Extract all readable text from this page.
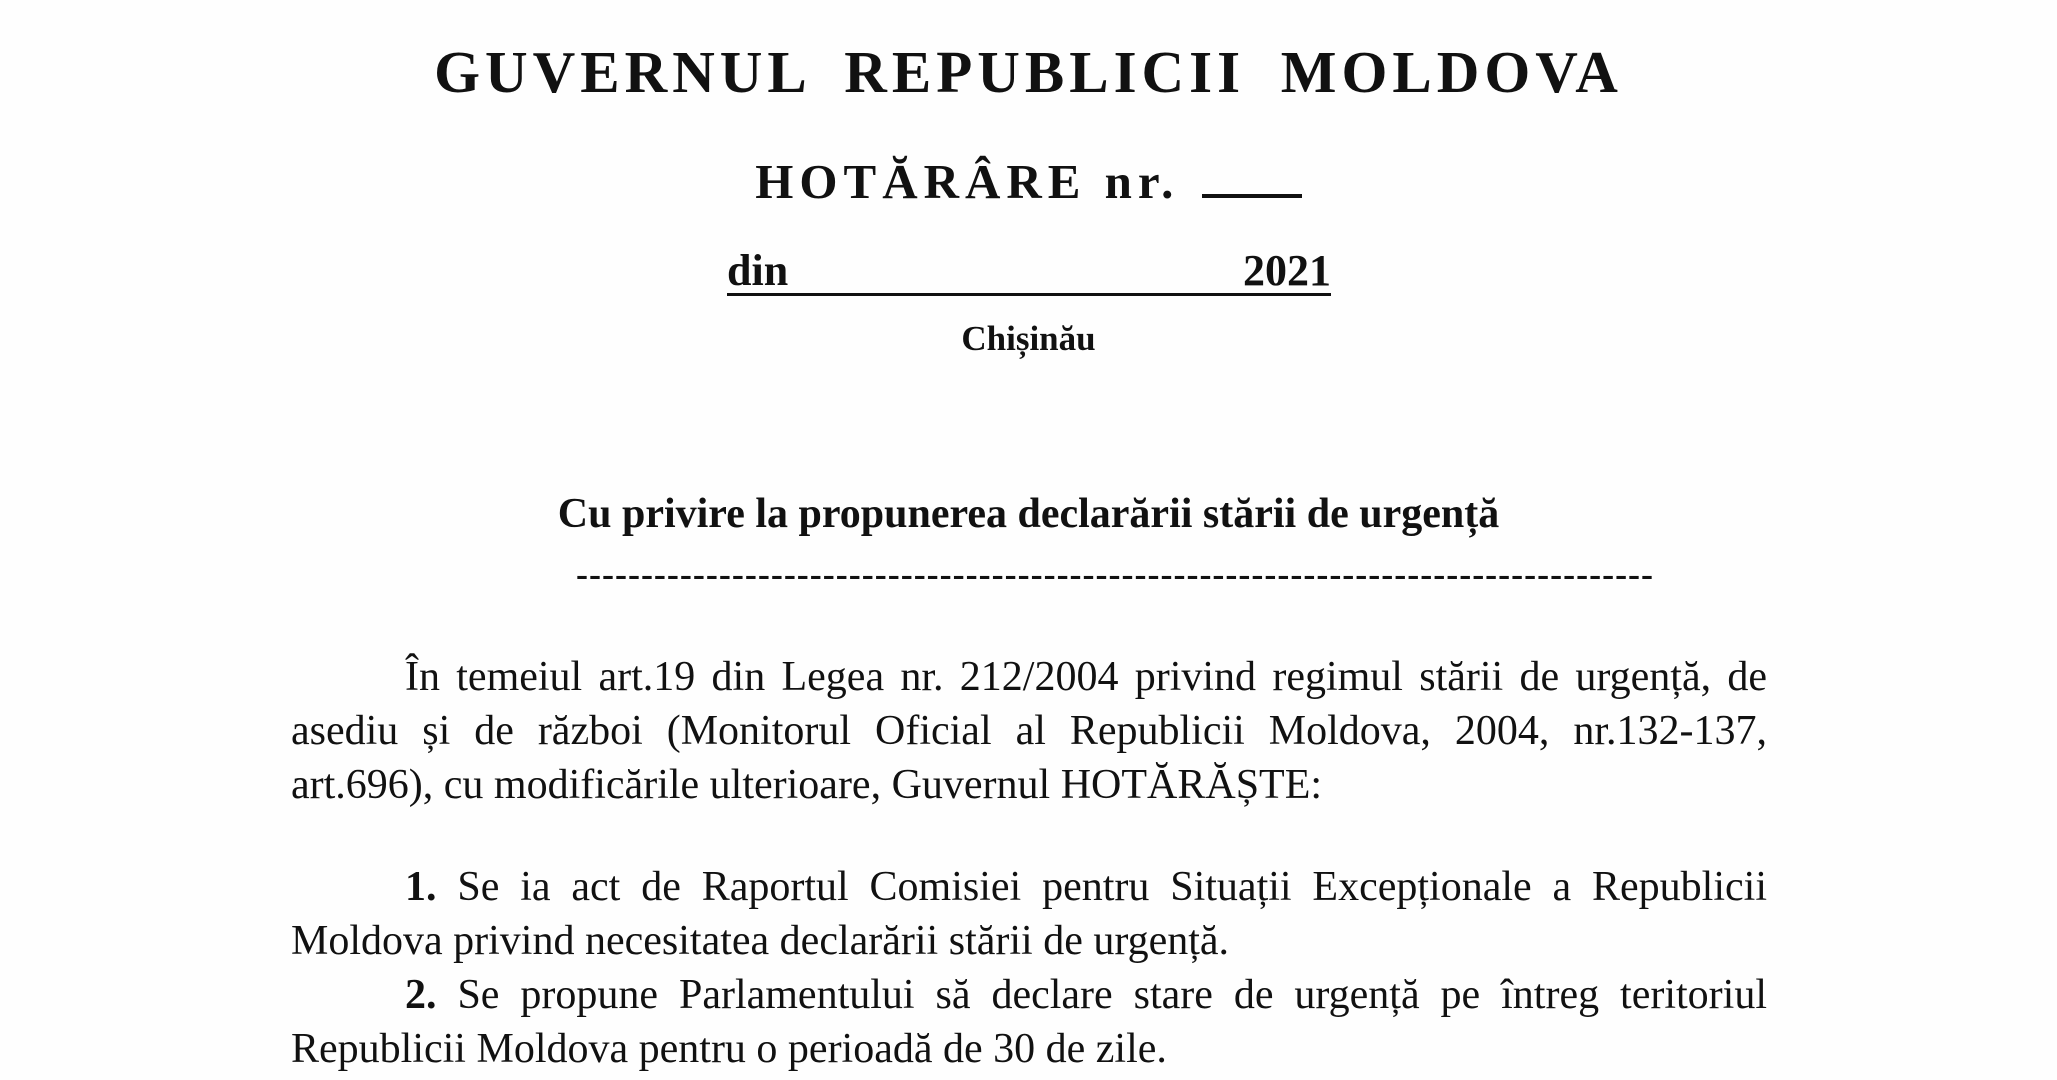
GUVERNUL REPUBLICII MOLDOVA
HOTĂRÂRE nr.
din	2021
Chișinău
Cu privire la propunerea declarării stării de urgență
-----------------------------------------------------------------------------------

În temeiul art.19 din Legea nr. 212/2004 privind regimul stării de urgență, de asediu și de război (Monitorul Oficial al Republicii Moldova, 2004, nr.132-137, art.696), cu modificările ulterioare, Guvernul HOTĂRĂȘTE:

1. Se ia act de Raportul Comisiei pentru Situații Excepționale a Republicii Moldova privind necesitatea declarării stării de urgență.

2. Se propune Parlamentului să declare stare de urgență pe întreg teritoriul Republicii Moldova pentru o perioadă de 30 de zile.
